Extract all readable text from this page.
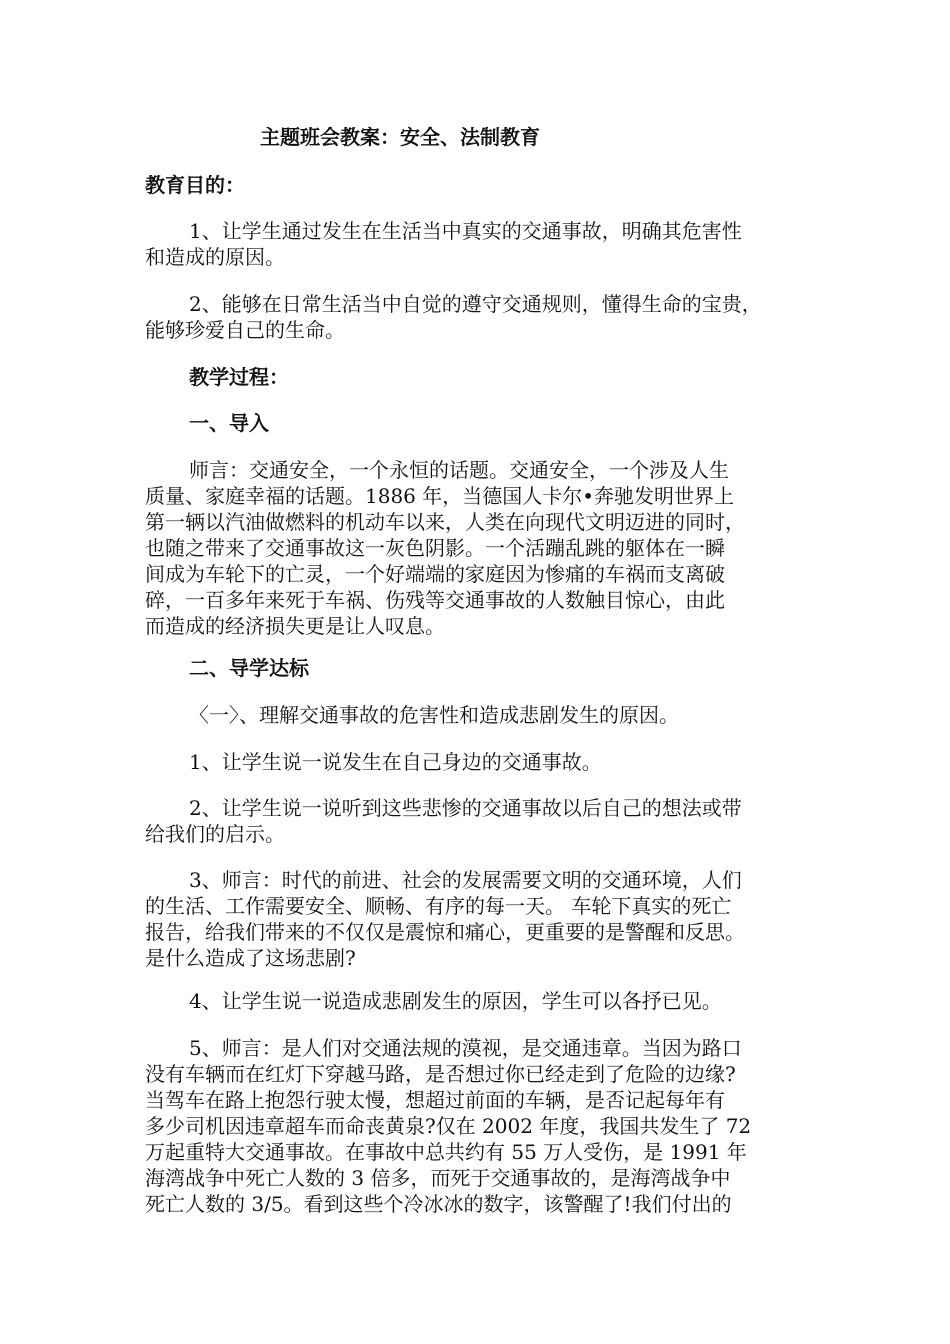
主题班会教案：安全、法制教育

教育目的：

1、让学生通过发生在生活当中真实的交通事故，明确其危害性
和造成的原因。

2、能够在日常生活当中自觉的遵守交通规则，懂得生命的宝贵，
能够珍爱自己的生命。

教学过程：

一、导入

师言：交通安全，一个永恒的话题。交通安全，一个涉及人生
质量、家庭幸福的话题。1886 年，当德国人卡尔•奔驰发明世界上
第一辆以汽油做燃料的机动车以来，人类在向现代文明迈进的同时，
也随之带来了交通事故这一灰色阴影。一个活蹦乱跳的躯体在一瞬
间成为车轮下的亡灵，一个好端端的家庭因为惨痛的车祸而支离破
碎，一百多年来死于车祸、伤残等交通事故的人数触目惊心，由此
而造成的经济损失更是让人叹息。

二、导学达标

〈一〉、理解交通事故的危害性和造成悲剧发生的原因。

1、让学生说一说发生在自己身边的交通事故。

2、让学生说一说听到这些悲惨的交通事故以后自己的想法或带
给我们的启示。

3、师言：时代的前进、社会的发展需要文明的交通环境，人们
的生活、工作需要安全、顺畅、有序的每一天。 车轮下真实的死亡
报告，给我们带来的不仅仅是震惊和痛心，更重要的是警醒和反思。
是什么造成了这场悲剧?

4、让学生说一说造成悲剧发生的原因，学生可以各抒已见。

5、师言：是人们对交通法规的漠视，是交通违章。当因为路口
没有车辆而在红灯下穿越马路，是否想过你已经走到了危险的边缘?
当驾车在路上抱怨行驶太慢，想超过前面的车辆，是否记起每年有
多少司机因违章超车而命丧黄泉?仅在 2002 年度，我国共发生了 72
万起重特大交通事故。在事故中总共约有 55 万人受伤，是 1991 年
海湾战争中死亡人数的 3 倍多，而死于交通事故的，是海湾战争中
死亡人数的 3/5。看到这些个冷冰冰的数字，该警醒了!我们付出的
